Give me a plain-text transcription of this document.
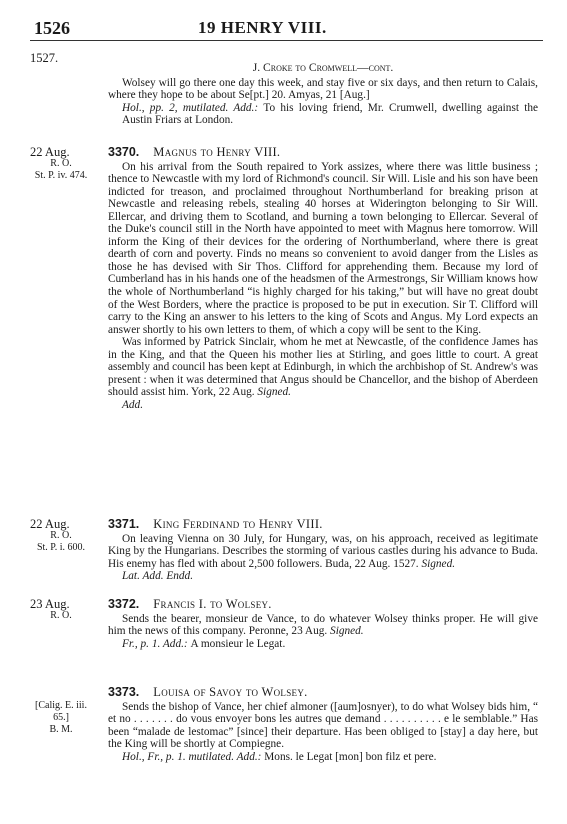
1526	19 HENRY VIII.
1527.
J. Croke to Cromwell—cont.

Wolsey will go there one day this week, and stay five or six days, and then return to Calais, where they hope to be about Se[pt.] 20. Amyas, 21 [Aug.]

Hol., pp. 2, mutilated. Add.: To his loving friend, Mr. Crumwell, dwelling against the Austin Friars at London.

22 Aug.
R. O.
St. P. iv. 474.
3370. Magnus to Henry VIII.

On his arrival from the South repaired to York assizes, where there was little business ; thence to Newcastle with my lord of Richmond's council. Sir Will. Lisle and his son have been indicted for treason, and proclaimed throughout Northumberland for breaking prison at Newcastle and releasing rebels, stealing 40 horses at Widerington belonging to Sir Will. Ellercar, and driving them to Scotland, and burning a town belonging to Ellercar. Several of the Duke's council still in the North have appointed to meet with Magnus here tomorrow. Will inform the King of their devices for the ordering of Northumberland, where there is great dearth of corn and poverty. Finds no means so convenient to avoid danger from the Lisles as those he has devised with Sir Thos. Clifford for apprehending them. Because my lord of Cumberland has in his hands one of the headsmen of the Armestrongs, Sir William knows how the whole of Northumberland “is highly charged for his taking,” but will have no great doubt of the West Borders, where the practice is proposed to be put in execution. Sir T. Clifford will carry to the King an answer to his letters to the king of Scots and Angus. My Lord expects an answer shortly to his own letters to them, of which a copy will be sent to the King.

Was informed by Patrick Sinclair, whom he met at Newcastle, of the confidence James has in the King, and that the Queen his mother lies at Stirling, and goes little to court. A great assembly and council has been kept at Edinburgh, in which the archbishop of St. Andrew's was present : when it was determined that Angus should be Chancellor, and the bishop of Aberdeen should assist him. York, 22 Aug. Signed.

Add.

22 Aug.
R. O.
St. P. i. 600.
3371. King Ferdinand to Henry VIII.

On leaving Vienna on 30 July, for Hungary, was, on his approach, received as legitimate King by the Hungarians. Describes the storming of various castles during his advance to Buda. His enemy has fled with about 2,500 followers. Buda, 22 Aug. 1527. Signed.

Lat. Add. Endd.

23 Aug.
R. O.
3372. Francis I. to Wolsey.

Sends the bearer, monsieur de Vance, to do whatever Wolsey thinks proper. He will give him the news of this company. Peronne, 23 Aug. Signed.

Fr., p. 1. Add.: A monsieur le Legat.

[Calig. E. iii.
65.]
B. M.
3373. Louisa of Savoy to Wolsey.

Sends the bishop of Vance, her chief almoner ([aum]osnyer), to do what Wolsey bids him, “ et no . . . . . . . do vous envoyer bons les autres que demand . . . . . . . . . . e le semblable.” Has been “malade de lestomac” [since] their departure. Has been obliged to [stay] a day here, but the King will be shortly at Compiegne.

Hol., Fr., p. 1. mutilated. Add.: Mons. le Legat [mon] bon filz et pere.
